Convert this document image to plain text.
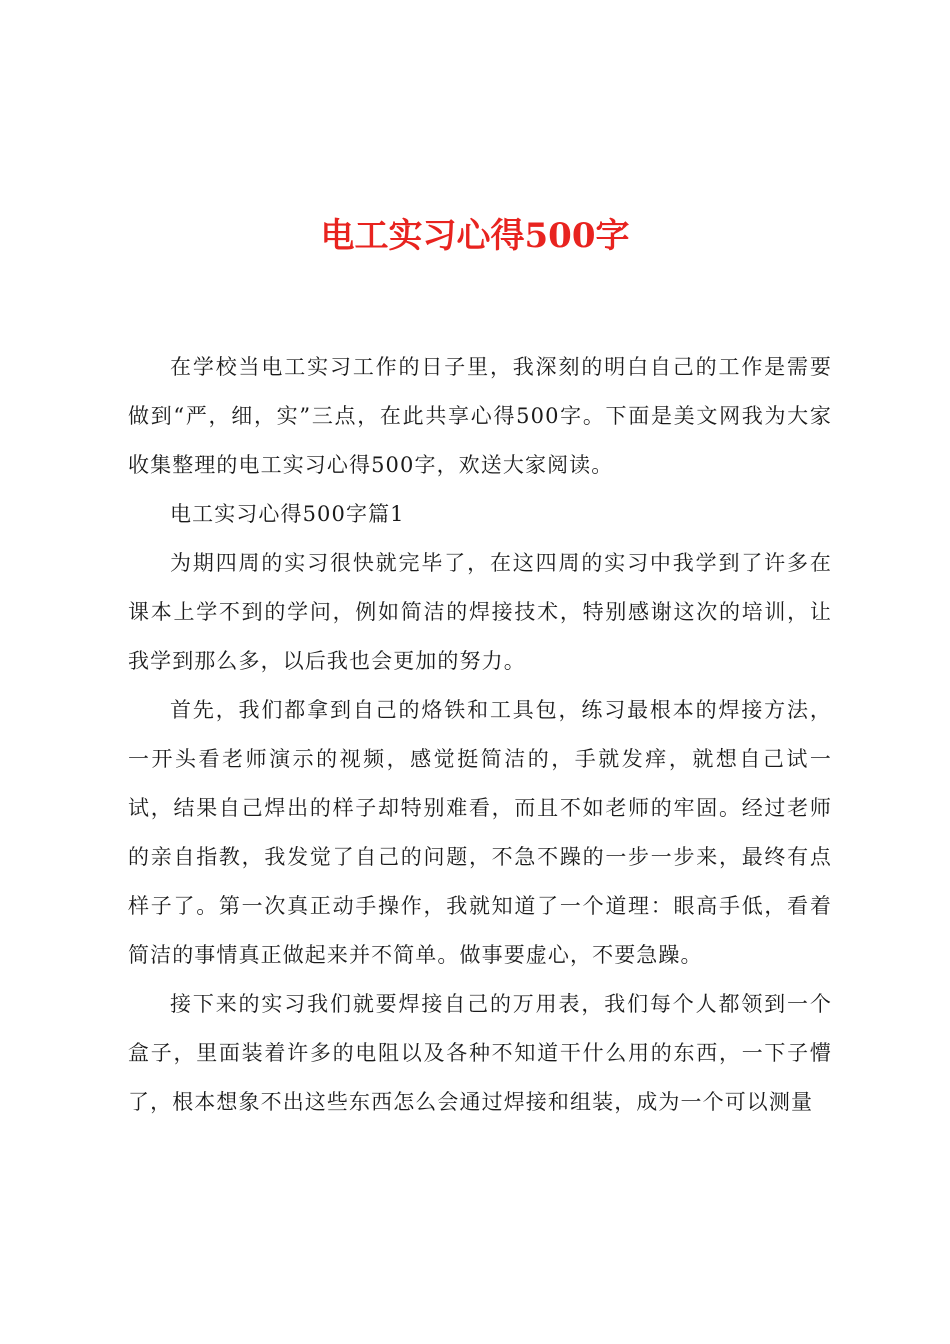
电工实习心得500字

在学校当电工实习工作的日子里，我深刻的明白自己的工作是需要做到“严，细，实”三点，在此共享心得500字。下面是美文网我为大家收集整理的电工实习心得500字，欢送大家阅读。

电工实习心得500字篇1

为期四周的实习很快就完毕了，在这四周的实习中我学到了许多在课本上学不到的学问，例如简洁的焊接技术，特别感谢这次的培训，让我学到那么多，以后我也会更加的努力。

首先，我们都拿到自己的烙铁和工具包，练习最根本的焊接方法，一开头看老师演示的视频，感觉挺简洁的，手就发痒，就想自己试一试，结果自己焊出的样子却特别难看，而且不如老师的牢固。经过老师的亲自指教，我发觉了自己的问题，不急不躁的一步一步来，最终有点样子了。第一次真正动手操作，我就知道了一个道理：眼高手低，看着简洁的事情真正做起来并不简单。做事要虚心，不要急躁。

接下来的实习我们就要焊接自己的万用表，我们每个人都领到一个盒子，里面装着许多的电阻以及各种不知道干什么用的东西，一下子懵了，根本想象不出这些东西怎么会通过焊接和组装，成为一个可以测量
